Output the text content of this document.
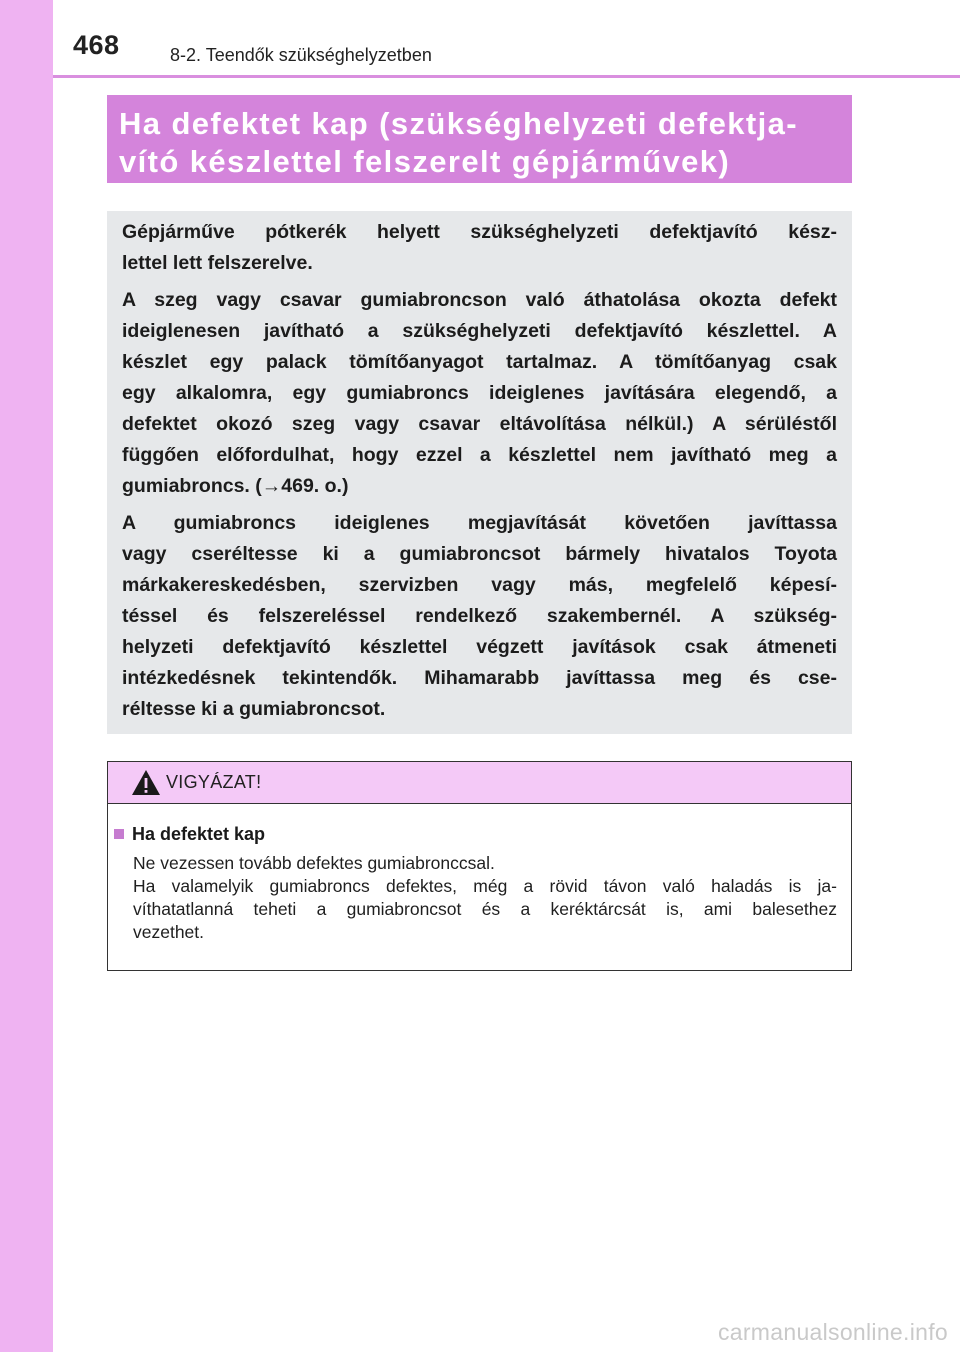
468	8-2. Teendők szükséghelyzetben
Ha defektet kap (szükséghelyzeti defektja-
vító készlettel felszerelt gépjárművek)
Gépjárműve pótkerék helyett szükséghelyzeti defektjavító kész-
lettel lett felszerelve.
A szeg vagy csavar gumiabroncson való áthatolása okozta defekt
ideiglenesen javítható a szükséghelyzeti defektjavító készlettel. A
készlet egy palack tömítőanyagot tartalmaz. A tömítőanyag csak
egy alkalomra, egy gumiabroncs ideiglenes javítására elegendő, a
defektet okozó szeg vagy csavar eltávolítása nélkül.) A sérüléstől
függően előfordulhat, hogy ezzel a készlettel nem javítható meg a
gumiabroncs. (→469. o.)
A gumiabroncs ideiglenes megjavítását követően javíttassa
vagy cseréltesse ki a gumiabroncsot bármely hivatalos Toyota
márkakereskedésben, szervizben vagy más, megfelelő képesí-
téssel és felszereléssel rendelkező szakembernél. A szükség-
helyzeti defektjavító készlettel végzett javítások csak átmeneti
intézkedésnek tekintendők. Mihamarabb javíttassa meg és cse-
réltesse ki a gumiabroncsot.
VIGYÁZAT!
Ha defektet kap
Ne vezessen tovább defektes gumiabronccsal.
Ha valamelyik gumiabroncs defektes, még a rövid távon való haladás is ja-
víthatatlanná teheti a gumiabroncsot és a keréktárcsát is, ami balesethez
vezethet.
carmanualsonline.info
